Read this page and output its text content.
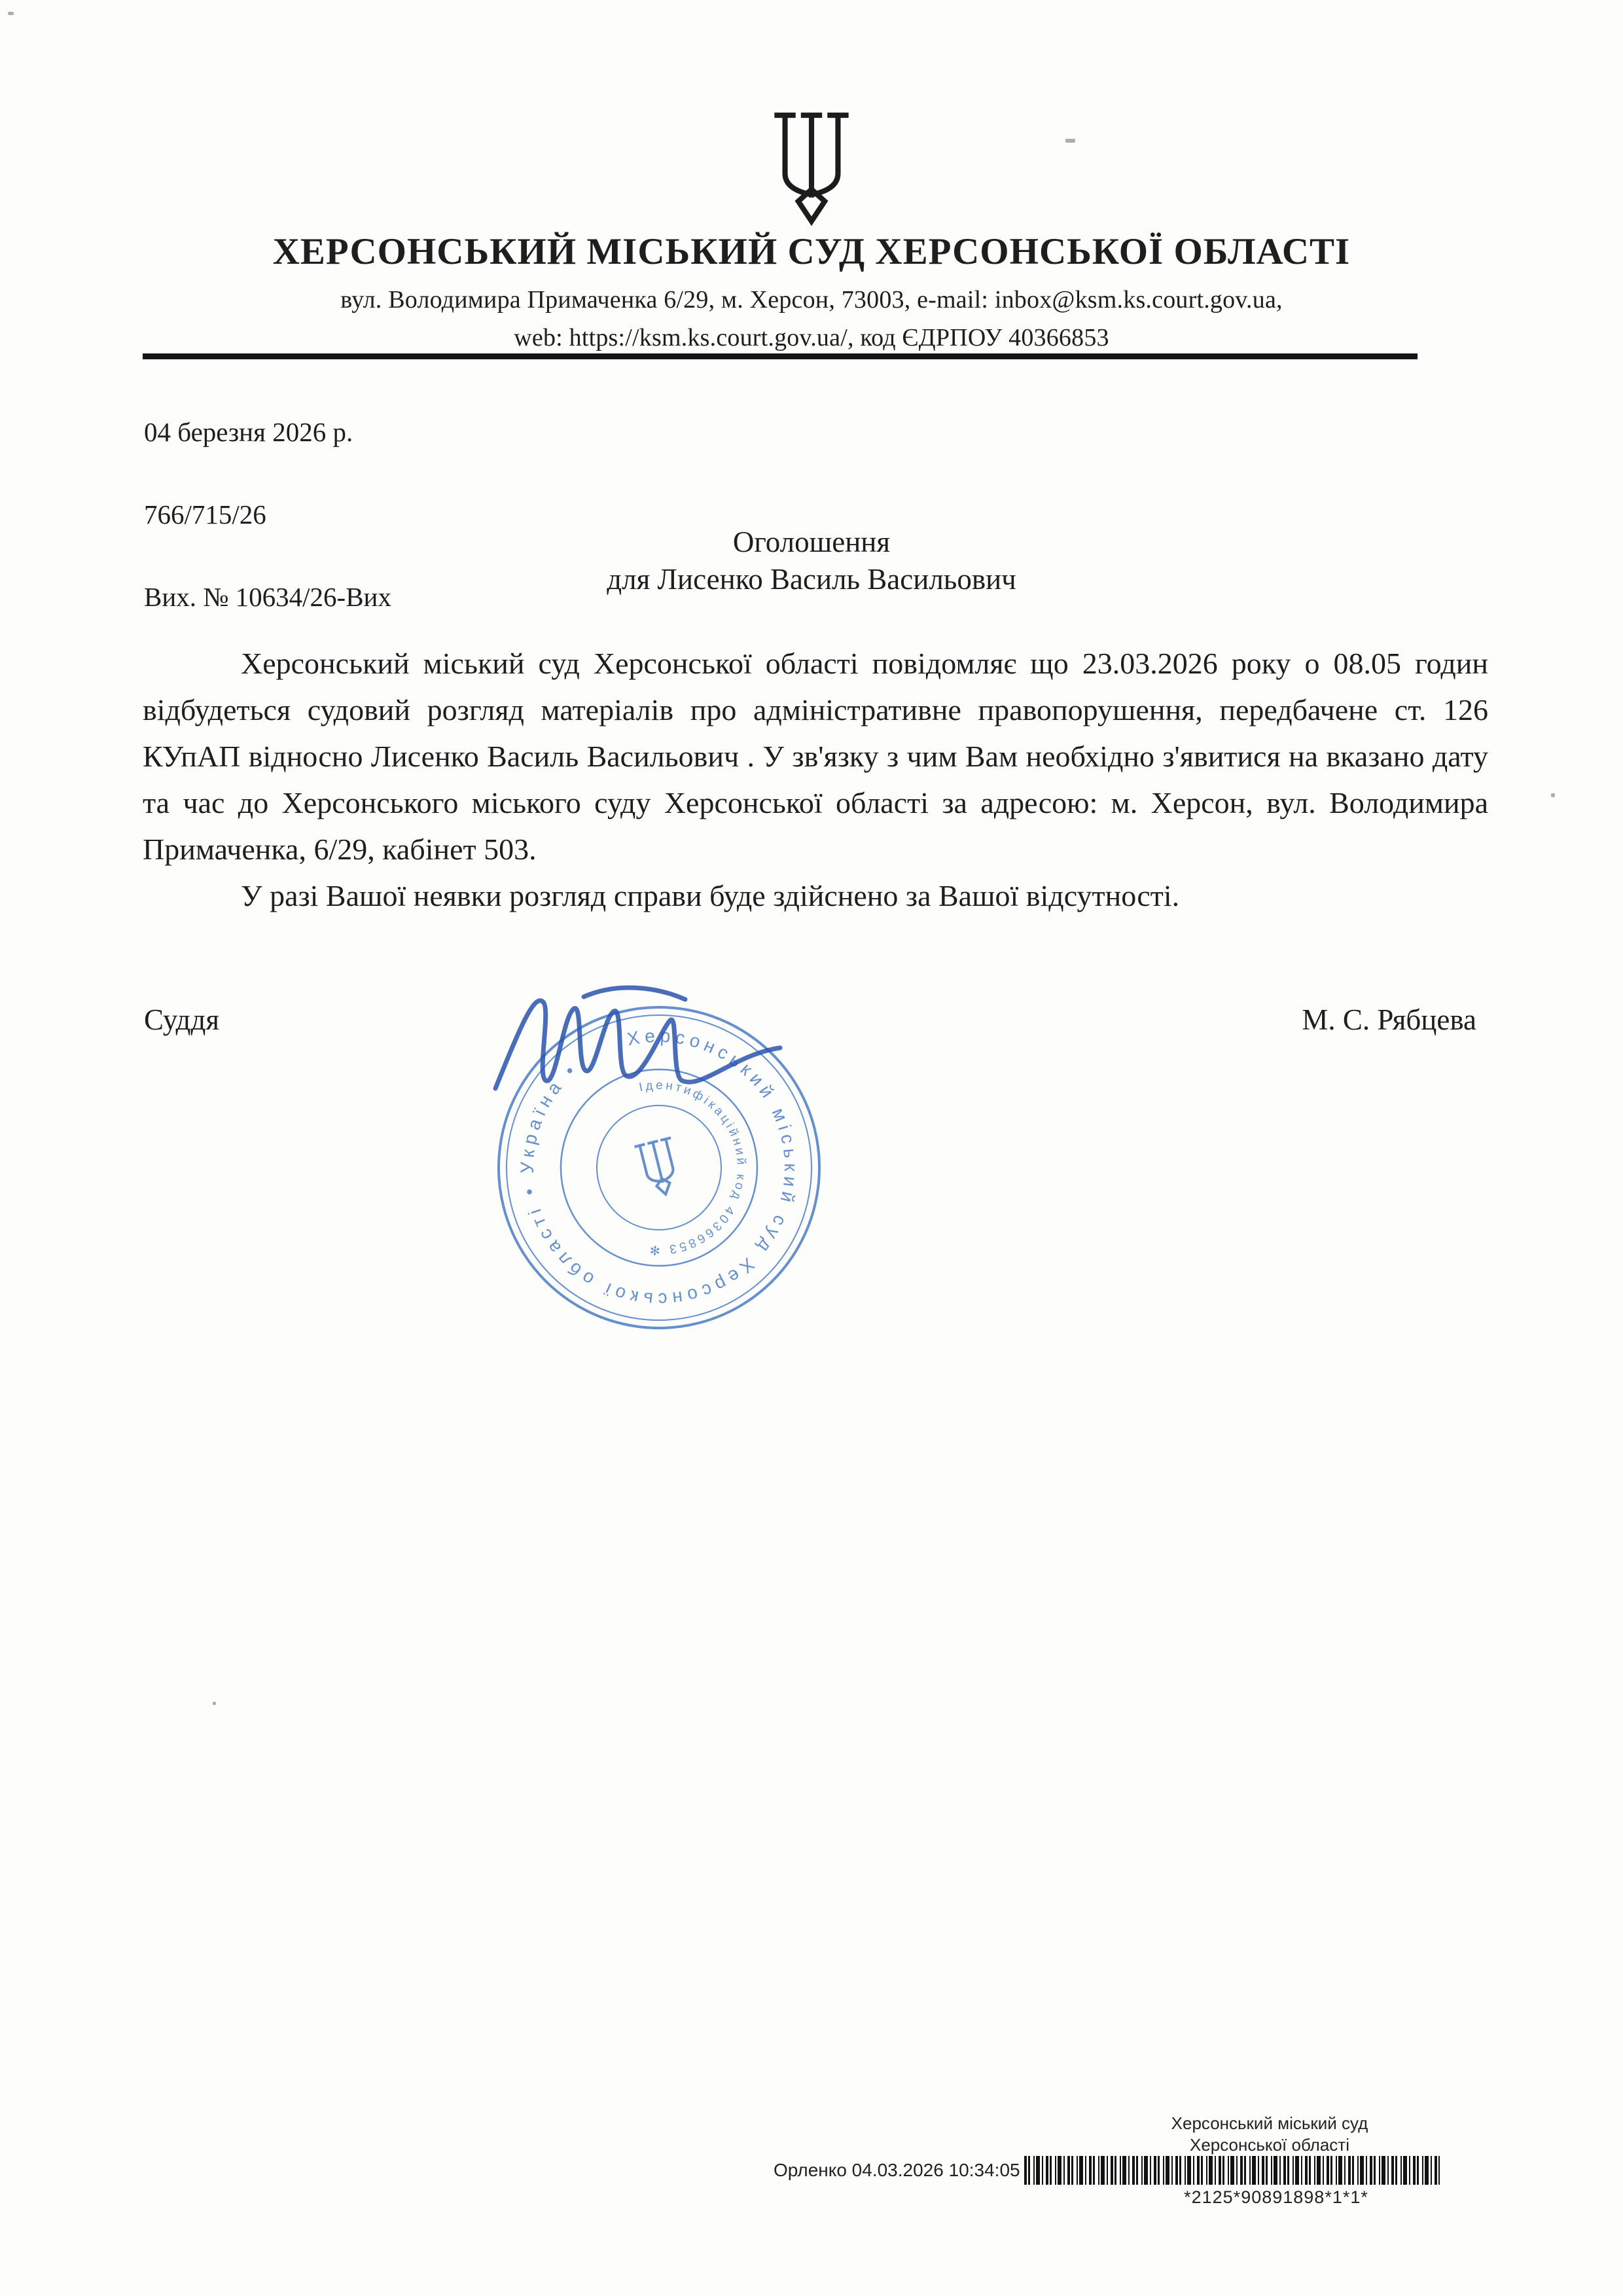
ХЕРСОНСЬКИЙ МІСЬКИЙ СУД ХЕРСОНСЬКОЇ ОБЛАСТІ
вул. Володимира Примаченка 6/29, м. Херсон, 73003, e-mail: inbox@ksm.ks.court.gov.ua,
web: https://ksm.ks.court.gov.ua/, код ЄДРПОУ 40366853

04 березня 2026 р.

766/715/26

Вих. № 10634/26-Вих

Оголошення
для Лисенко Василь Васильович

Херсонський міський суд Херсонської області повідомляє що 23.03.2026 року о 08.05 годин відбудеться судовий розгляд матеріалів про адміністративне правопорушення, передбачене ст. 126 КУпАП відносно Лисенко Василь Васильович . У зв'язку з чим Вам необхідно з'явитися на вказано дату та час до Херсонського міського суду Херсонської області за адресою: м. Херсон, вул. Володимира Примаченка, 6/29, кабінет 503.

У разі Вашої неявки розгляд справи буде здійснено за Вашої відсутності.

Суддя	М. С. Рябцева
Херсонський міський суд Херсонської області • Україна •
Ідентифікаційний код 40366853 ✻
Херсонський міський суд
Херсонської області
Орленко 04.03.2026 10:34:05
*2125*90891898*1*1*
